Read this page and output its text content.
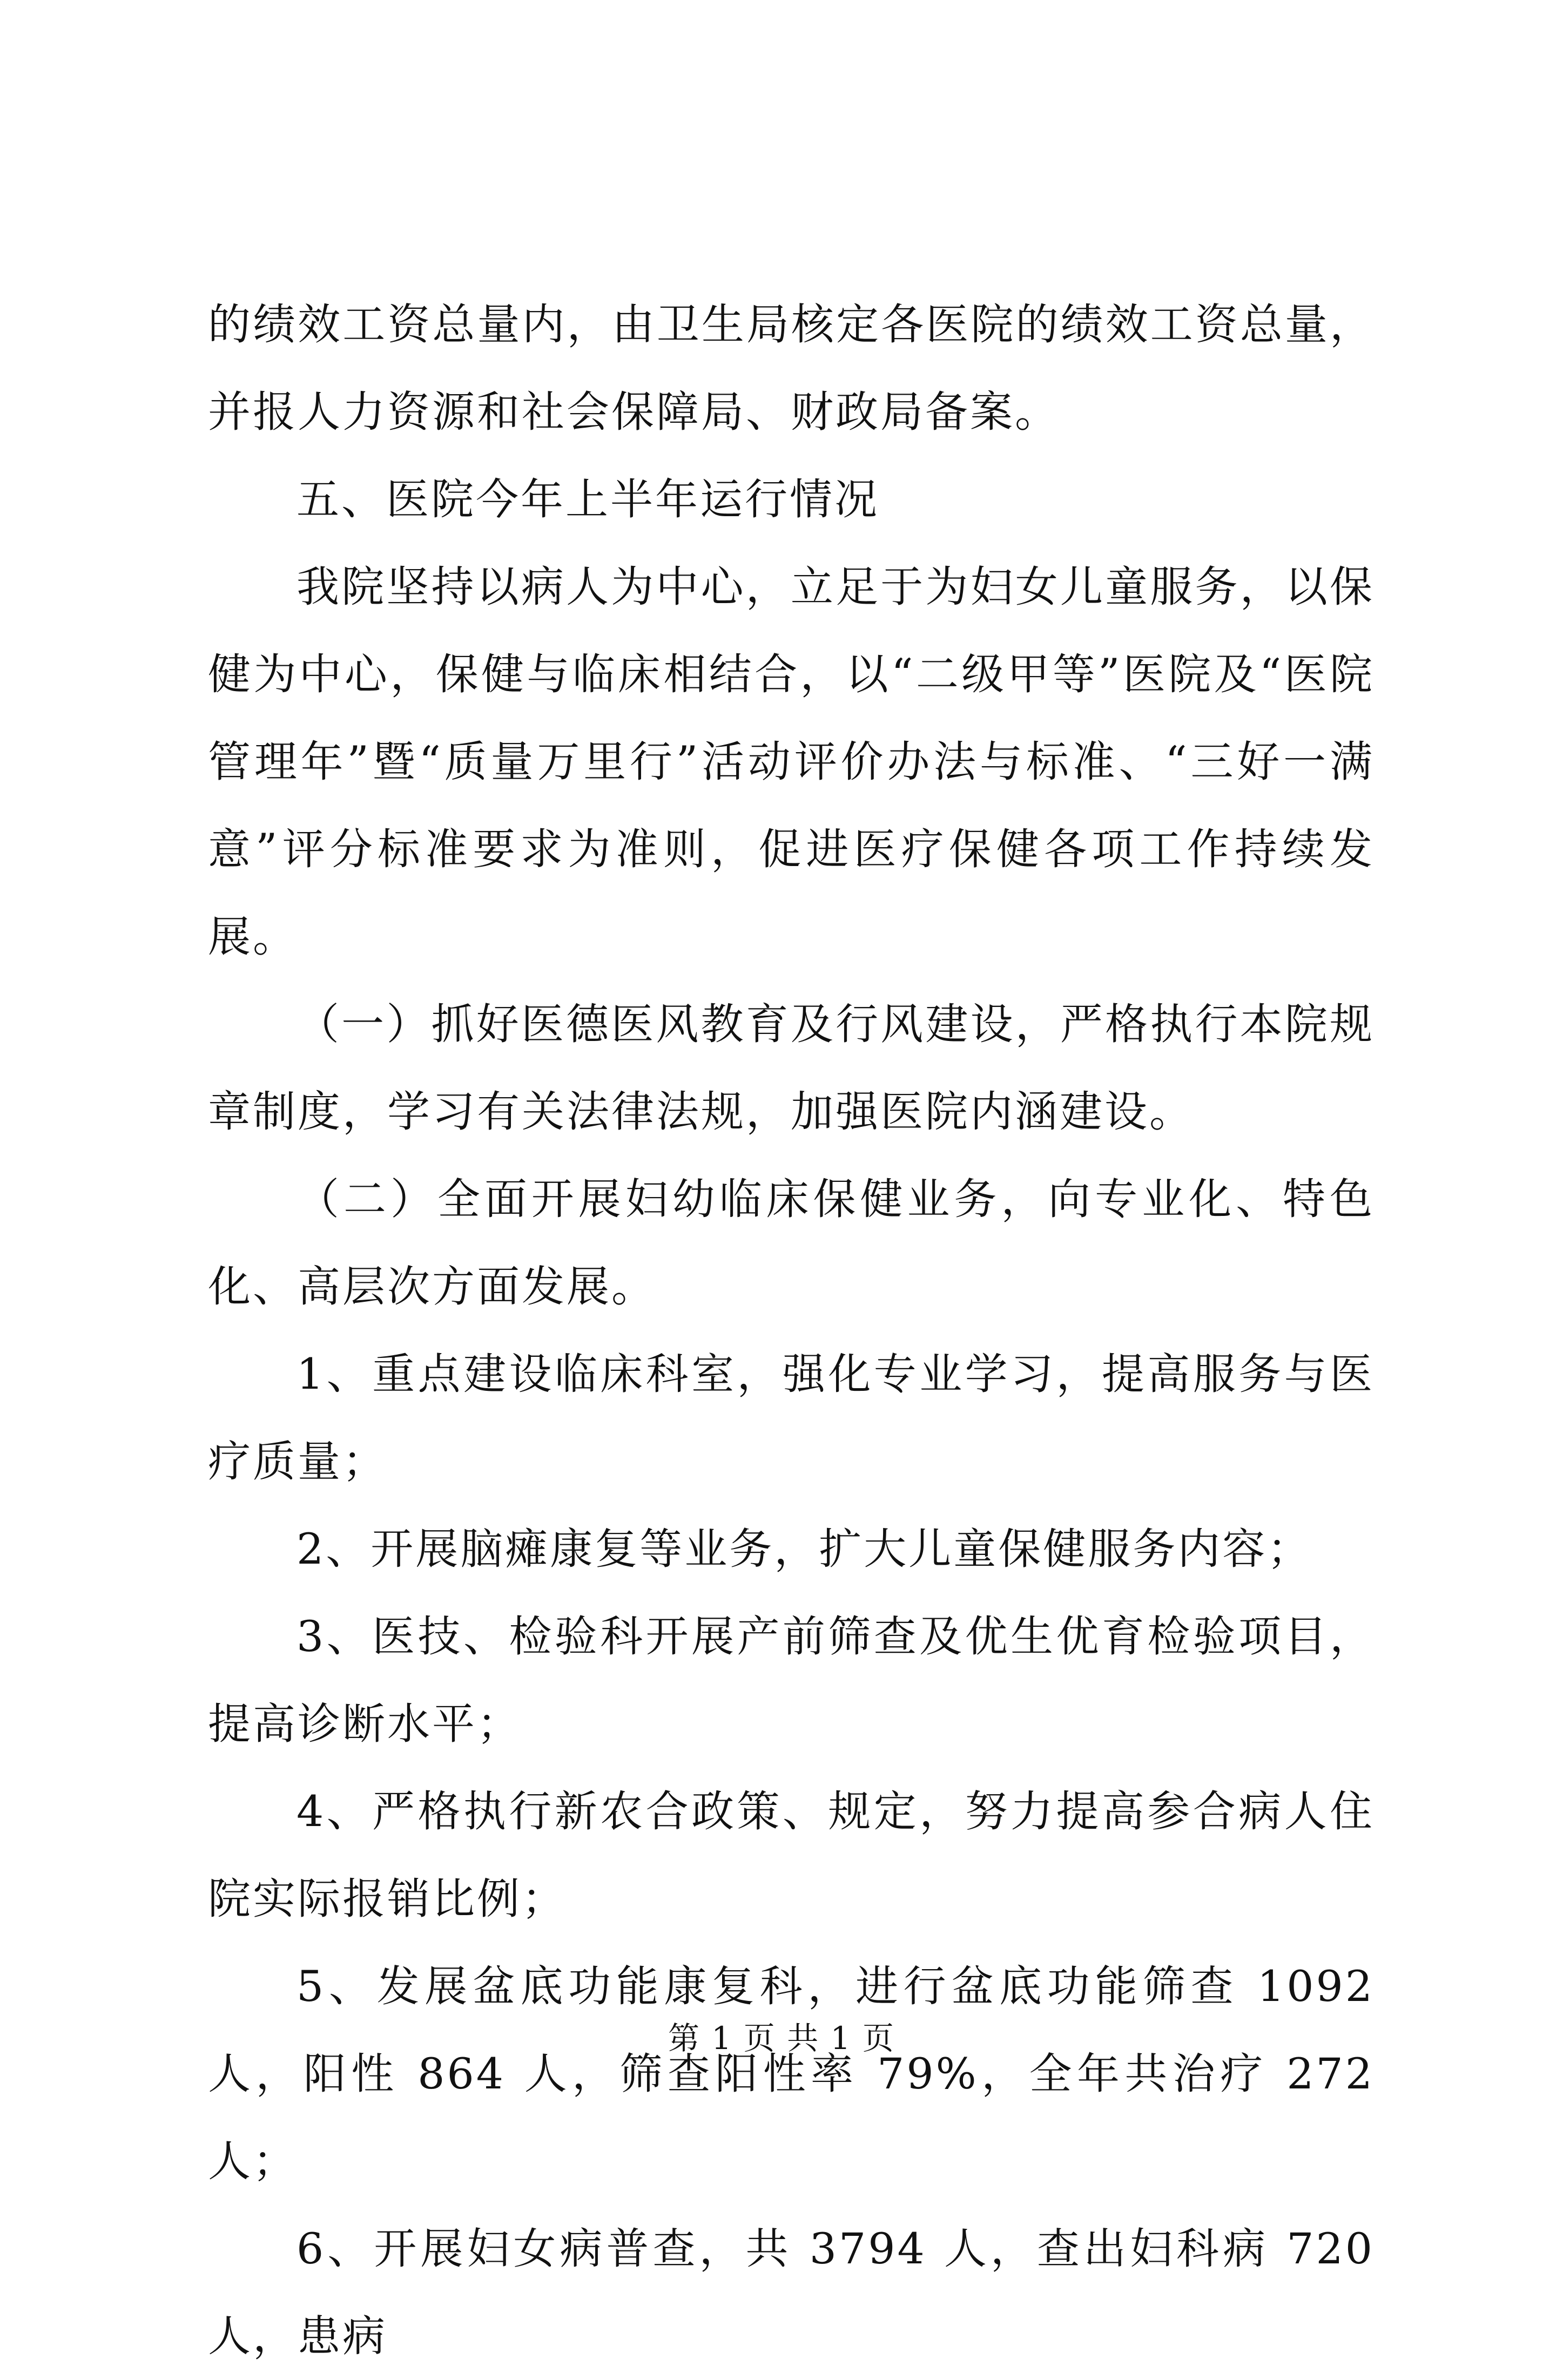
的绩效工资总量内，由卫生局核定各医院的绩效工资总量，并报人力资源和社会保障局、财政局备案。

五、医院今年上半年运行情况

我院坚持以病人为中心，立足于为妇女儿童服务，以保健为中心，保健与临床相结合，以“二级甲等”医院及“医院管理年”暨“质量万里行”活动评价办法与标准、“三好一满意”评分标准要求为准则，促进医疗保健各项工作持续发展。

（一）抓好医德医风教育及行风建设，严格执行本院规章制度，学习有关法律法规，加强医院内涵建设。

（二）全面开展妇幼临床保健业务，向专业化、特色化、高层次方面发展。

1、重点建设临床科室，强化专业学习，提高服务与医疗质量；

2、开展脑瘫康复等业务，扩大儿童保健服务内容；

3、医技、检验科开展产前筛查及优生优育检验项目，提高诊断水平；

4、严格执行新农合政策、规定，努力提高参合病人住院实际报销比例；

5、发展盆底功能康复科，进行盆底功能筛查 1092 人，阳性 864 人，筛查阳性率 79%，全年共治疗 272 人；

6、开展妇女病普查，共 3794 人，查出妇科病 720 人，患病

第 1 页 共 1 页
